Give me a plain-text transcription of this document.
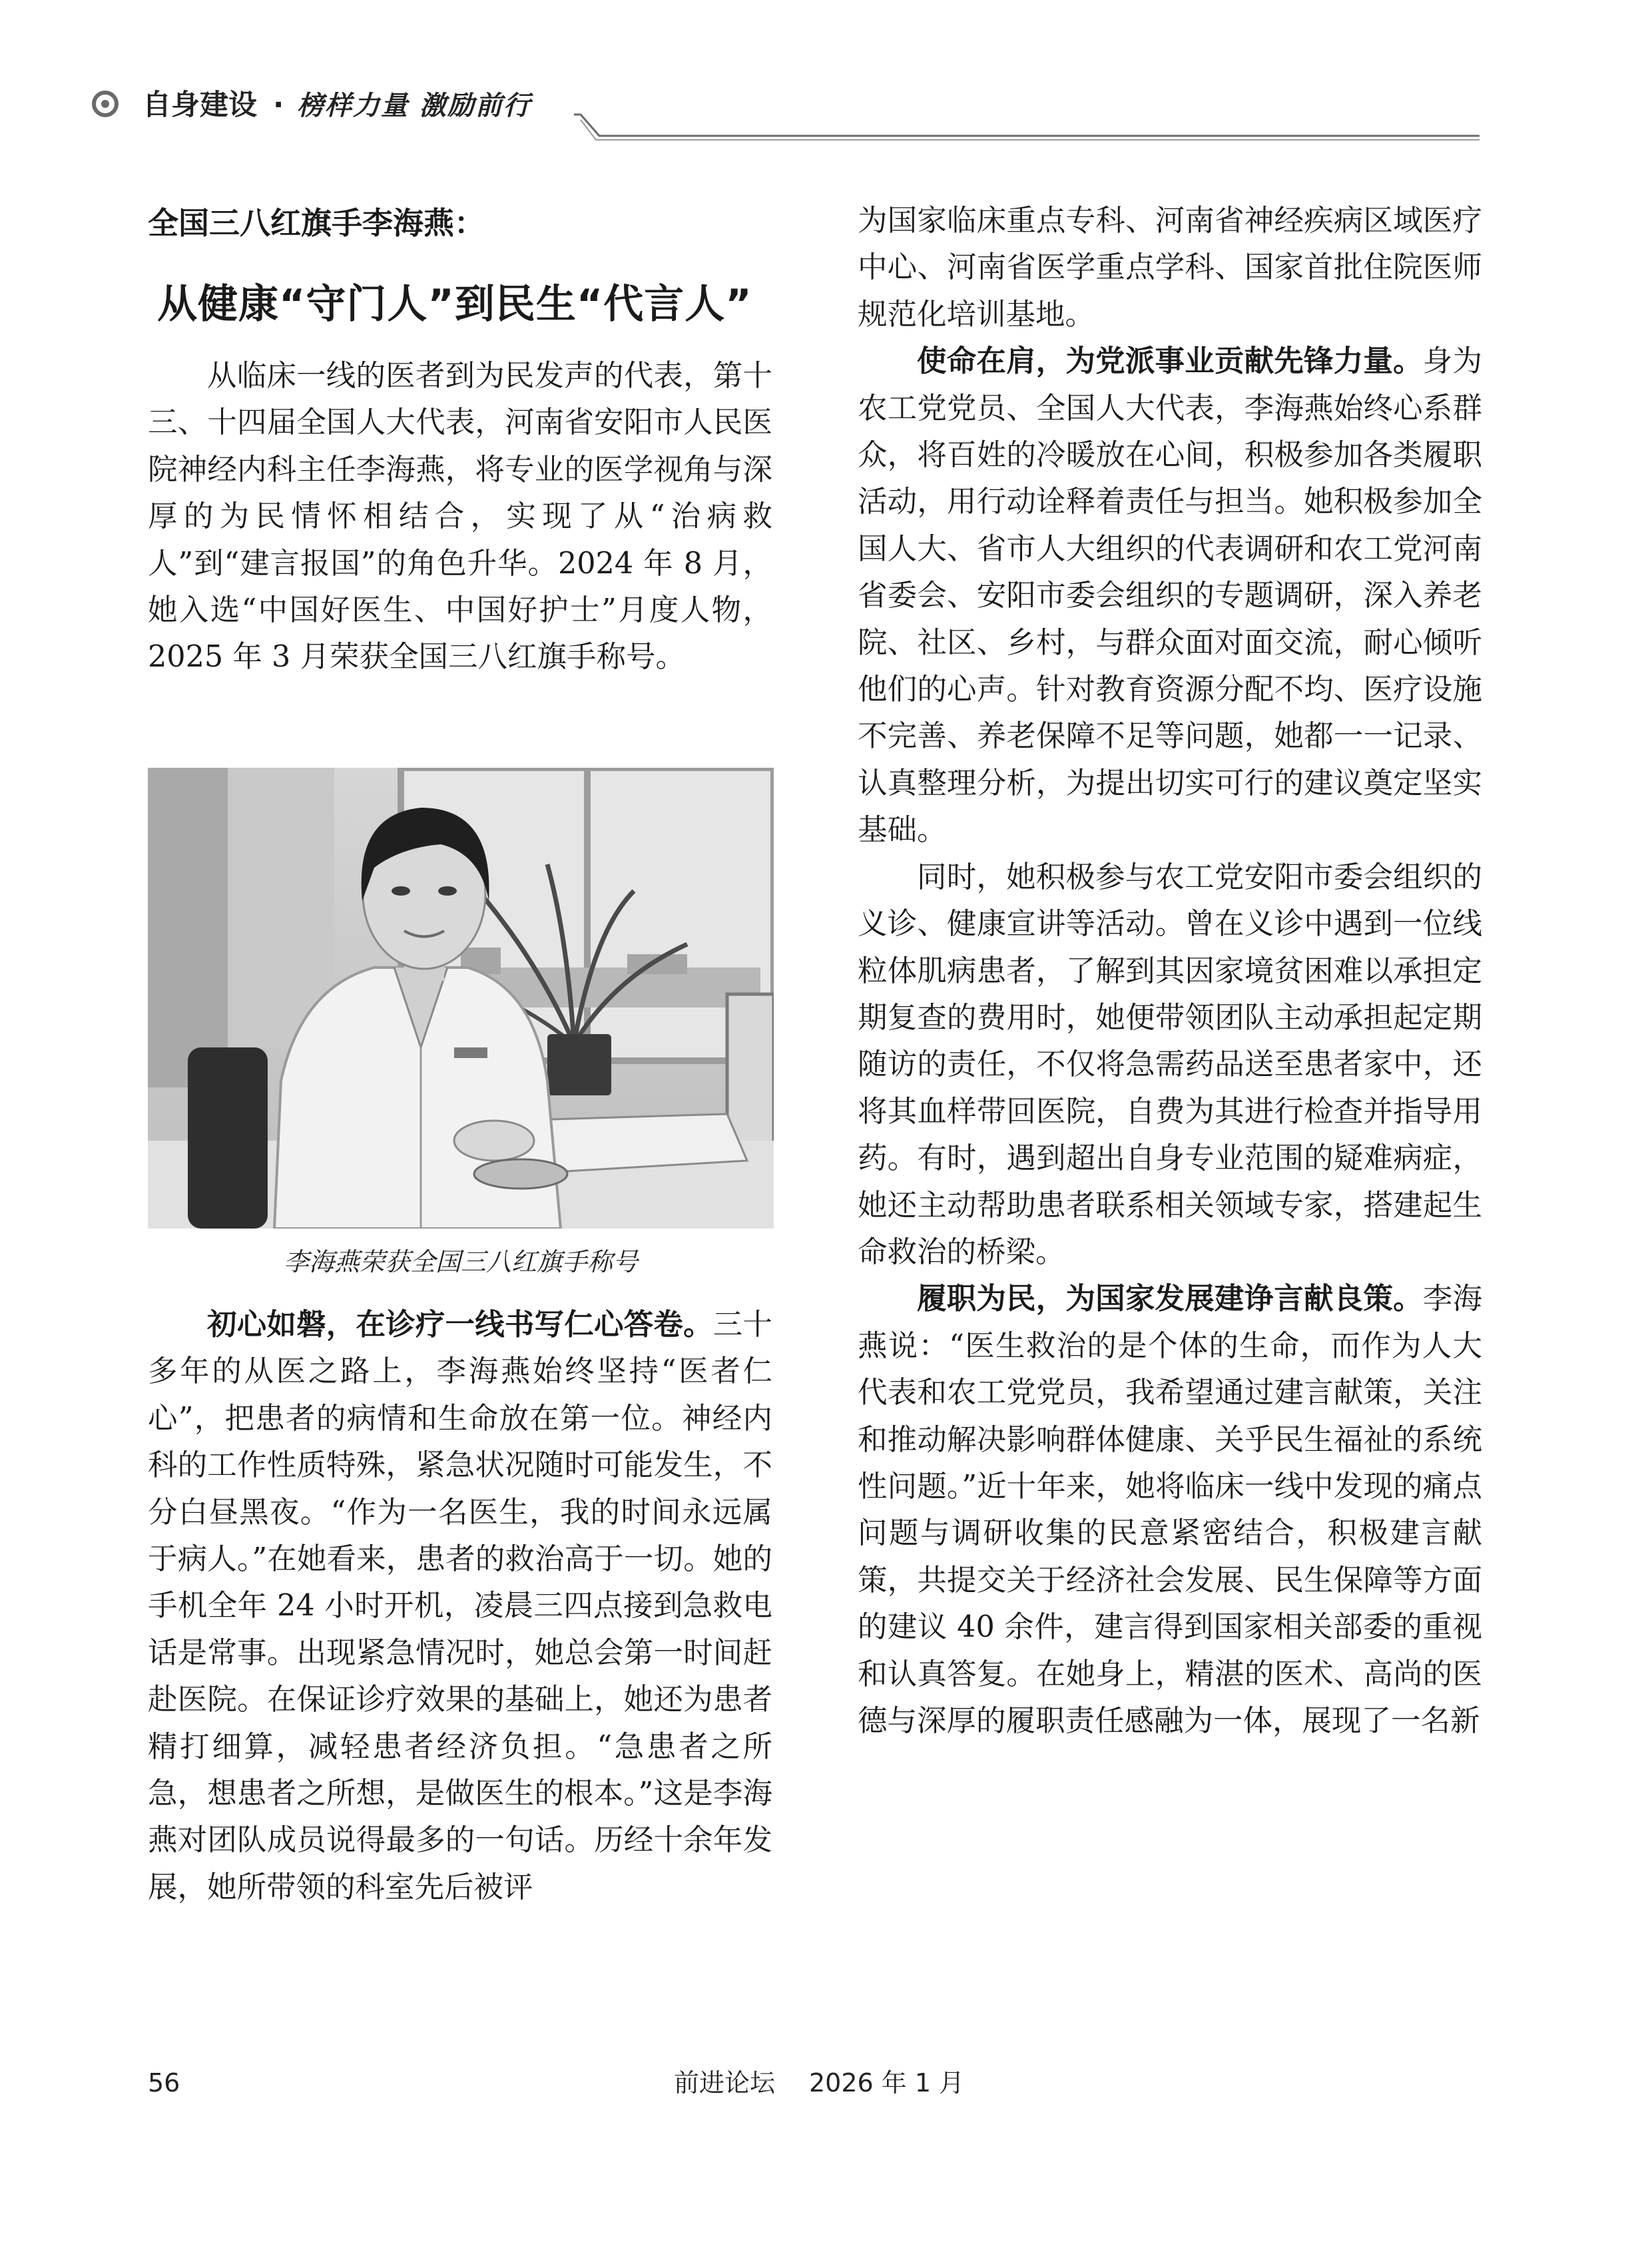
自身建设 · 榜样力量 激励前行
全国三八红旗手李海燕：
从健康“守门人”到民生“代言人”

从临床一线的医者到为民发声的代表，第十三、十四届全国人大代表，河南省安阳市人民医院神经内科主任李海燕，将专业的医学视角与深厚的为民情怀相结合，实现了从“治病救人”到“建言报国”的角色升华。2024 年 8 月，她入选“中国好医生、中国好护士”月度人物，2025 年 3 月荣获全国三八红旗手称号。

李海燕荣获全国三八红旗手称号

初心如磐，在诊疗一线书写仁心答卷。三十多年的从医之路上，李海燕始终坚持“医者仁心”，把患者的病情和生命放在第一位。神经内科的工作性质特殊，紧急状况随时可能发生，不分白昼黑夜。“作为一名医生，我的时间永远属于病人。”在她看来，患者的救治高于一切。她的手机全年 24 小时开机，凌晨三四点接到急救电话是常事。出现紧急情况时，她总会第一时间赶赴医院。在保证诊疗效果的基础上，她还为患者精打细算，减轻患者经济负担。“急患者之所急，想患者之所想，是做医生的根本。”这是李海燕对团队成员说得最多的一句话。历经十余年发展，她所带领的科室先后被评

为国家临床重点专科、河南省神经疾病区域医疗中心、河南省医学重点学科、国家首批住院医师规范化培训基地。

使命在肩，为党派事业贡献先锋力量。身为农工党党员、全国人大代表，李海燕始终心系群众，将百姓的冷暖放在心间，积极参加各类履职活动，用行动诠释着责任与担当。她积极参加全国人大、省市人大组织的代表调研和农工党河南省委会、安阳市委会组织的专题调研，深入养老院、社区、乡村，与群众面对面交流，耐心倾听他们的心声。针对教育资源分配不均、医疗设施不完善、养老保障不足等问题，她都一一记录、认真整理分析，为提出切实可行的建议奠定坚实基础。

同时，她积极参与农工党安阳市委会组织的义诊、健康宣讲等活动。曾在义诊中遇到一位线粒体肌病患者，了解到其因家境贫困难以承担定期复查的费用时，她便带领团队主动承担起定期随访的责任，不仅将急需药品送至患者家中，还将其血样带回医院，自费为其进行检查并指导用药。有时，遇到超出自身专业范围的疑难病症，她还主动帮助患者联系相关领域专家，搭建起生命救治的桥梁。

履职为民，为国家发展建诤言献良策。李海燕说：“医生救治的是个体的生命，而作为人大代表和农工党党员，我希望通过建言献策，关注和推动解决影响群体健康、关乎民生福祉的系统性问题。”近十年来，她将临床一线中发现的痛点问题与调研收集的民意紧密结合，积极建言献策，共提交关于经济社会发展、民生保障等方面的建议 40 余件，建言得到国家相关部委的重视和认真答复。在她身上，精湛的医术、高尚的医德与深厚的履职责任感融为一体，展现了一名新

56	前进论坛 2026 年 1 月
